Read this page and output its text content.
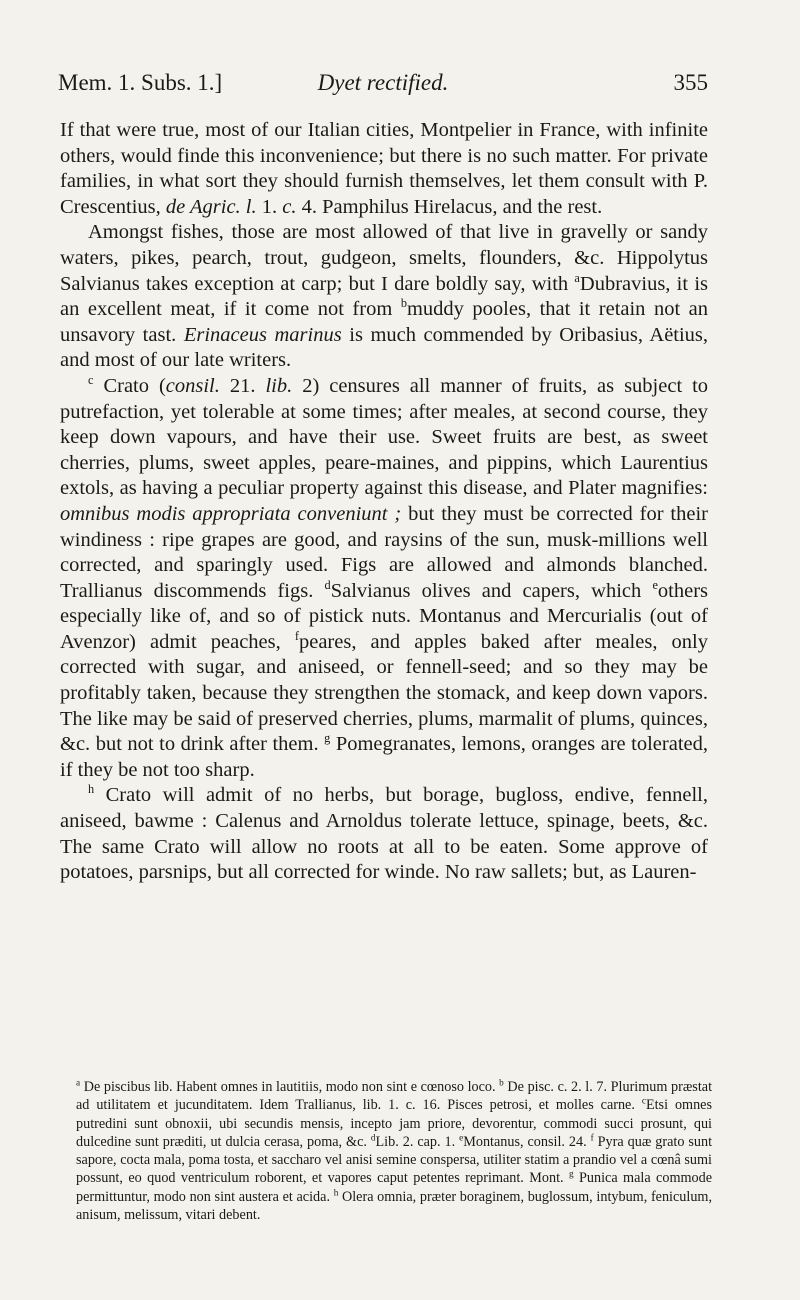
Mem. 1. Subs. 1.]	Dyet rectified.	355

If that were true, most of our Italian cities, Montpelier in France, with infinite others, would finde this inconvenience; but there is no such matter. For private families, in what sort they should furnish themselves, let them consult with P. Crescentius, de Agric. l. 1. c. 4. Pamphilus Hirelacus, and the rest.

Amongst fishes, those are most allowed of that live in gravelly or sandy waters, pikes, pearch, trout, gudgeon, smelts, flounders, &c. Hippolytus Salvianus takes exception at carp; but I dare boldly say, with $^a$Dubravius, it is an excellent meat, if it come not from $^b$muddy pooles, that it retain not an unsavory tast. Erinaceus marinus is much commended by Oribasius, Aëtius, and most of our late writers.

$^c$ Crato (consil. 21. lib. 2) censures all manner of fruits, as subject to putrefaction, yet tolerable at some times; after meales, at second course, they keep down vapours, and have their use. Sweet fruits are best, as sweet cherries, plums, sweet apples, peare-maines, and pippins, which Laurentius extols, as having a peculiar property against this disease, and Plater magnifies: omnibus modis appropriata conveniunt ; but they must be corrected for their windiness : ripe grapes are good, and raysins of the sun, musk-millions well corrected, and sparingly used. Figs are allowed and almonds blanched. Trallianus discommends figs. $^d$Salvianus olives and capers, which $^e$others especially like of, and so of pistick nuts. Montanus and Mercurialis (out of Avenzor) admit peaches, $^f$peares, and apples baked after meales, only corrected with sugar, and aniseed, or fennell-seed; and so they may be profitably taken, because they strengthen the stomack, and keep down vapors. The like may be said of preserved cherries, plums, marmalit of plums, quinces, &c. but not to drink after them. $^g$ Pomegranates, lemons, oranges are tolerated, if they be not too sharp.

$^h$ Crato will admit of no herbs, but borage, bugloss, endive, fennell, aniseed, bawme : Calenus and Arnoldus tolerate lettuce, spinage, beets, &c. The same Crato will allow no roots at all to be eaten. Some approve of potatoes, parsnips, but all corrected for winde. No raw sallets; but, as Lauren-

$^a$ De piscibus lib. Habent omnes in lautitiis, modo non sint e cœnoso loco. $^b$ De pisc. c. 2. l. 7. Plurimum præstat ad utilitatem et jucunditatem. Idem Trallianus, lib. 1. c. 16. Pisces petrosi, et molles carne. $^c$Etsi omnes putredini sunt obnoxii, ubi secundis mensis, incepto jam priore, devorentur, commodi succi prosunt, qui dulcedine sunt præditi, ut dulcia cerasa, poma, &c. $^d$Lib. 2. cap. 1. $^e$Montanus, consil. 24. $^f$ Pyra quæ grato sunt sapore, cocta mala, poma tosta, et saccharo vel anisi semine conspersa, utiliter statim a prandio vel a cœnâ sumi possunt, eo quod ventriculum roborent, et vapores caput petentes reprimant. Mont. $^g$ Punica mala commode permittuntur, modo non sint austera et acida. $^h$ Olera omnia, præter boraginem, buglossum, intybum, feniculum, anisum, melissum, vitari debent.
